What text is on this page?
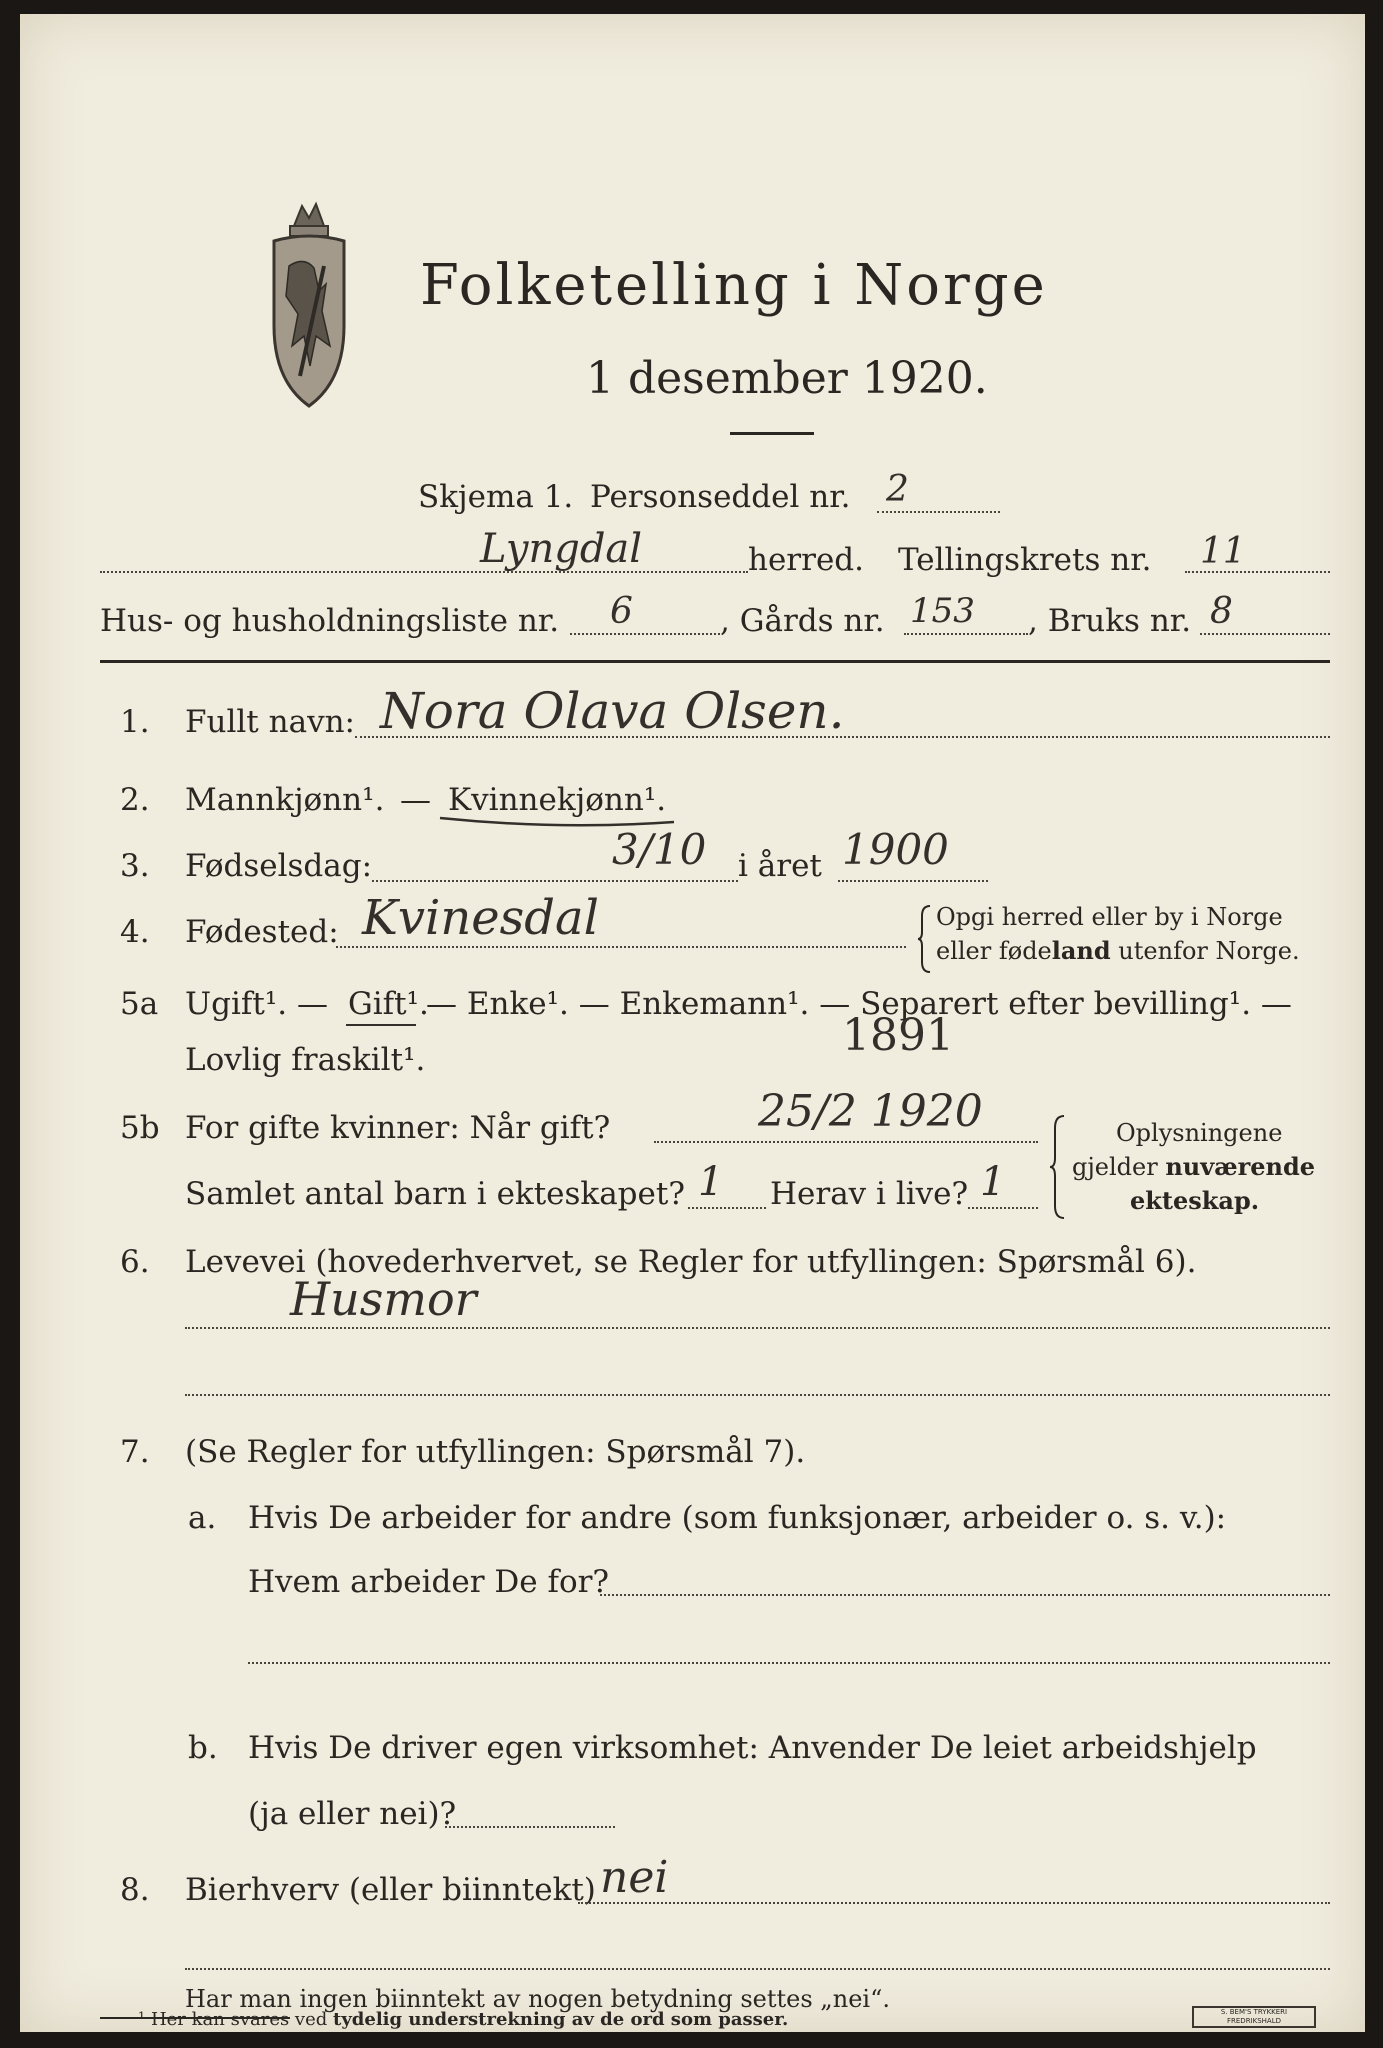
Folketelling i Norge
1 desember 1920.
Skjema 1. Personseddel nr. 2
Lyngdal	herred. Tellingskrets nr. 11
Hus- og husholdningsliste nr. 6	, Gårds nr. 153 , Bruks nr. 8
1. Fullt navn: Nora Olava Olsen.
2. Mannkjønn¹. — Kvinnekjønn¹.
3. Fødselsdag:	3/10 i året 1900
4. Fødested: Kvinesdal	Opgi herred eller by i Norge
eller fødeland utenfor Norge.
5a Ugift¹. — Gift¹.
— Enke¹. — Enkemann¹. — Separert efter bevilling¹. —
Lovlig fraskilt¹.	1891
5b For gifte kvinner: Når gift?	25/2 1920
Samlet antal barn i ekteskapet? 1 Herav i live? 1
Oplysningene
gjelder nuværende
ekteskap.
6. Levevei (hovederhvervet, se Regler for utfyllingen: Spørsmål 6).
Husmor
7. (Se Regler for utfyllingen: Spørsmål 7).
a. Hvis De arbeider for andre (som funksjonær, arbeider o. s. v.):
Hvem arbeider De for?
b. Hvis De driver egen virksomhet: Anvender De leiet arbeidshjelp
(ja eller nei)?
8. Bierhverv (eller biinntekt) nei
Har man ingen biinntekt av nogen betydning settes „nei“.
¹ Her kan svares ved tydelig understrekning av de ord som passer.	S. BEM'S TRYKKERI
FREDRIKSHALD
